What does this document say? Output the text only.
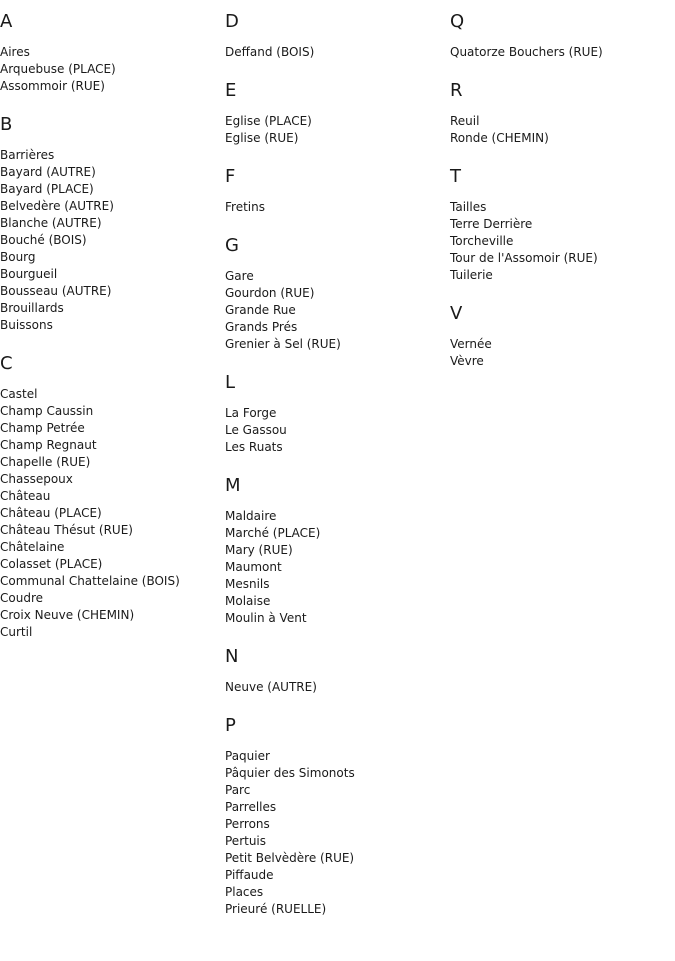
A
Aires
Arquebuse (PLACE)
Assommoir (RUE)
B
Barrières
Bayard (AUTRE)
Bayard (PLACE)
Belvedère (AUTRE)
Blanche (AUTRE)
Bouché (BOIS)
Bourg
Bourgueil
Bousseau (AUTRE)
Brouillards
Buissons
C
Castel
Champ Caussin
Champ Petrée
Champ Regnaut
Chapelle (RUE)
Chassepoux
Château
Château (PLACE)
Château Thésut (RUE)
Châtelaine
Colasset (PLACE)
Communal Chattelaine (BOIS)
Coudre
Croix Neuve (CHEMIN)
Curtil
D
Deffand (BOIS)
E
Eglise (PLACE)
Eglise (RUE)
F
Fretins
G
Gare
Gourdon (RUE)
Grande Rue
Grands Prés
Grenier à Sel (RUE)
L
La Forge
Le Gassou
Les Ruats
M
Maldaire
Marché (PLACE)
Mary (RUE)
Maumont
Mesnils
Molaise
Moulin à Vent
N
Neuve (AUTRE)
P
Paquier
Pâquier des Simonots
Parc
Parrelles
Perrons
Pertuis
Petit Belvèdère (RUE)
Piffaude
Places
Prieuré (RUELLE)
Q
Quatorze Bouchers (RUE)
R
Reuil
Ronde (CHEMIN)
T
Tailles
Terre Derrière
Torcheville
Tour de l'Assomoir (RUE)
Tuilerie
V
Vernée
Vèvre
